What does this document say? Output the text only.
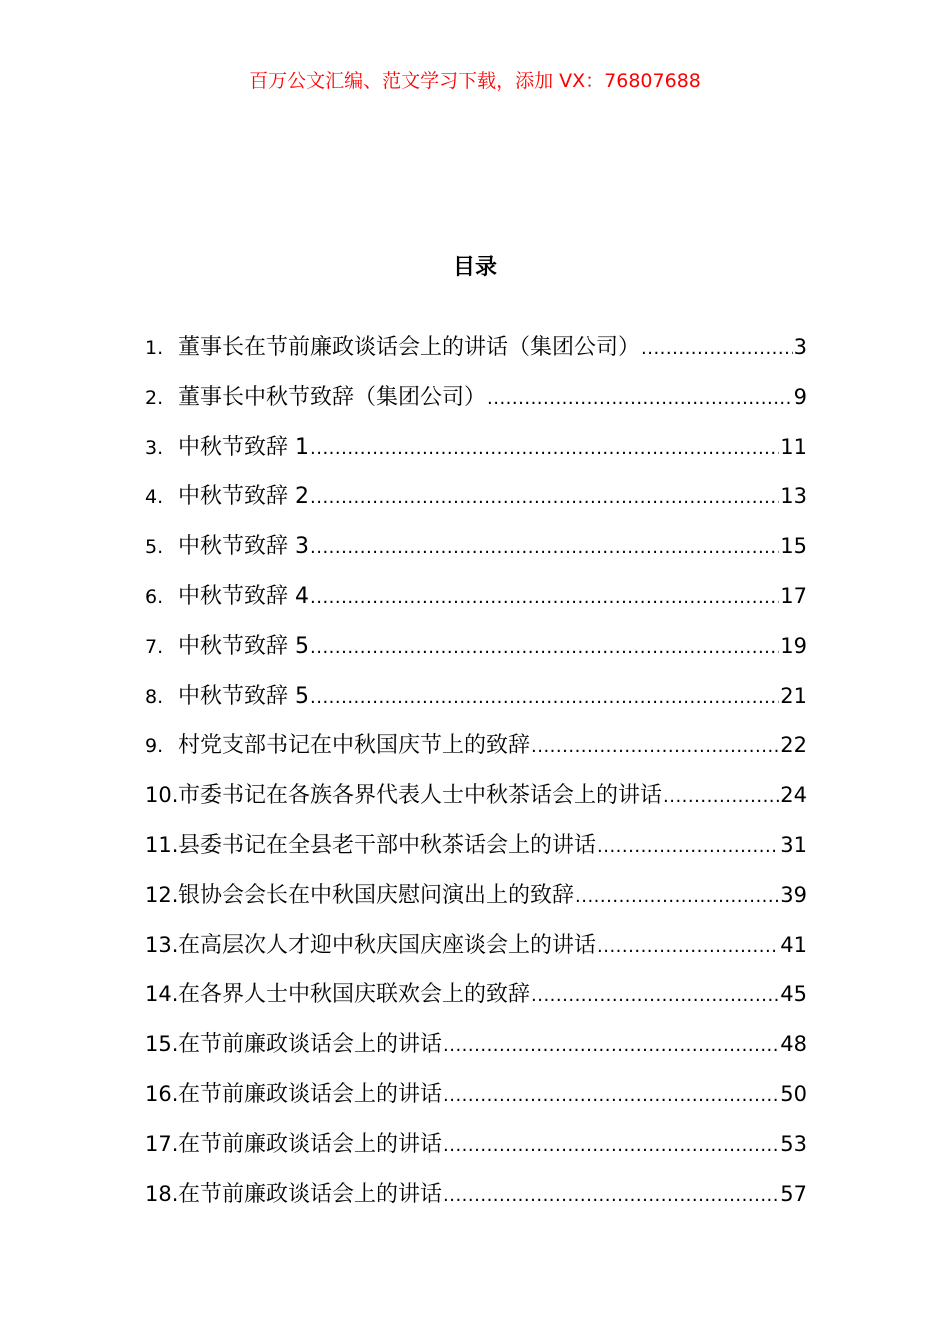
百万公文汇编、范文学习下载，添加 VX：76807688
目录
1. 董事长在节前廉政谈话会上的讲话（集团公司） .....	3
2. 董事长中秋节致辞（集团公司） .....	9
3. 中秋节致辞 1 .....	11
4. 中秋节致辞 2 .....	13
5. 中秋节致辞 3 .....	15
6. 中秋节致辞 4 .....	17
7. 中秋节致辞 5 .....	19
8. 中秋节致辞 5 .....	21
9. 村党支部书记在中秋国庆节上的致辞 .....	22
10. 市委书记在各族各界代表人士中秋茶话会上的讲话 .....	24
11. 县委书记在全县老干部中秋茶话会上的讲话 .....	31
12. 银协会会长在中秋国庆慰问演出上的致辞 .....	39
13. 在高层次人才迎中秋庆国庆座谈会上的讲话 .....	41
14. 在各界人士中秋国庆联欢会上的致辞 .....	45
15. 在节前廉政谈话会上的讲话 .....	48
16. 在节前廉政谈话会上的讲话 .....	50
17. 在节前廉政谈话会上的讲话 .....	53
18. 在节前廉政谈话会上的讲话 .....	57
